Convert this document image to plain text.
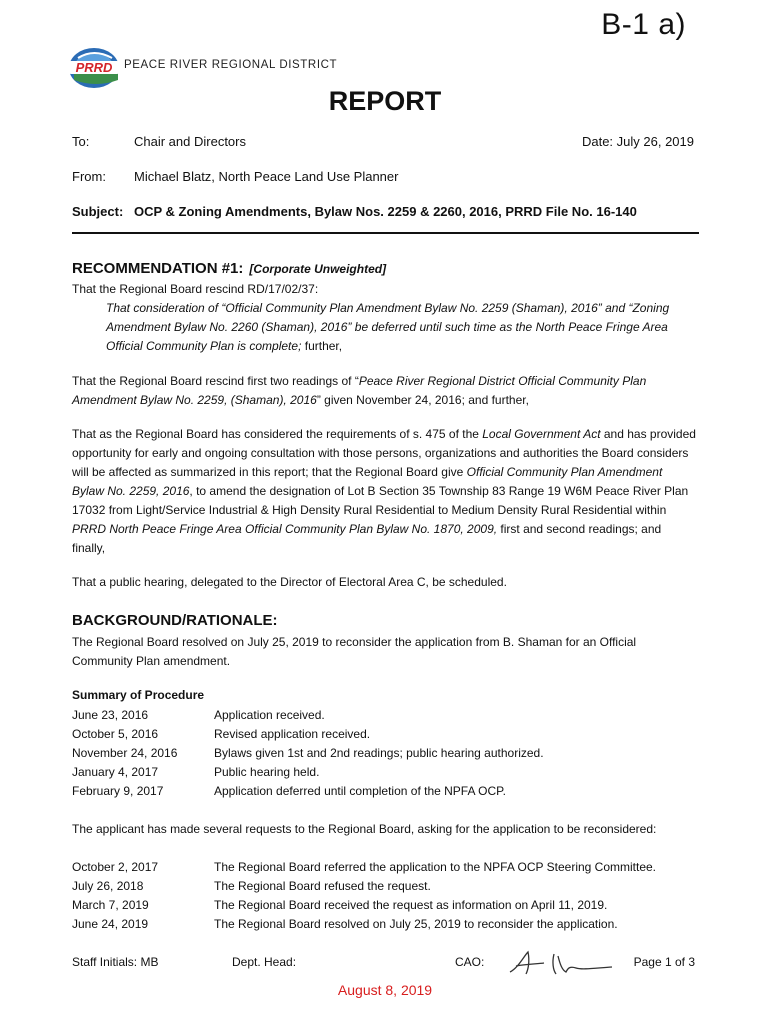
B-1 a)
PRRD PEACE RIVER REGIONAL DISTRICT
REPORT
To:	Chair and Directors	Date: July 26, 2019
From: Michael Blatz, North Peace Land Use Planner
Subject: OCP & Zoning Amendments, Bylaw Nos. 2259 & 2260, 2016, PRRD File No. 16-140
RECOMMENDATION #1: [Corporate Unweighted]
That the Regional Board rescind RD/17/02/37:
That consideration of “Official Community Plan Amendment Bylaw No. 2259 (Shaman), 2016” and “Zoning Amendment Bylaw No. 2260 (Shaman), 2016” be deferred until such time as the North Peace Fringe Area Official Community Plan is complete; further,
That the Regional Board rescind first two readings of “Peace River Regional District Official Community Plan Amendment Bylaw No. 2259, (Shaman), 2016” given November 24, 2016; and further,
That as the Regional Board has considered the requirements of s. 475 of the Local Government Act and has provided opportunity for early and ongoing consultation with those persons, organizations and authorities the Board considers will be affected as summarized in this report; that the Regional Board give Official Community Plan Amendment Bylaw No. 2259, 2016, to amend the designation of Lot B Section 35 Township 83 Range 19 W6M Peace River Plan 17032 from Light/Service Industrial & High Density Rural Residential to Medium Density Rural Residential within PRRD North Peace Fringe Area Official Community Plan Bylaw No. 1870, 2009, first and second readings; and finally,
That a public hearing, delegated to the Director of Electoral Area C, be scheduled.
BACKGROUND/RATIONALE:
The Regional Board resolved on July 25, 2019 to reconsider the application from B. Shaman for an Official Community Plan amendment.
Summary of Procedure
June 23, 2016	Application received.
October 5, 2016	Revised application received.
November 24, 2016	Bylaws given 1st and 2nd readings; public hearing authorized.
January 4, 2017	Public hearing held.
February 9, 2017	Application deferred until completion of the NPFA OCP.
The applicant has made several requests to the Regional Board, asking for the application to be reconsidered:
October 2, 2017	The Regional Board referred the application to the NPFA OCP Steering Committee.
July 26, 2018	The Regional Board refused the request.
March 7, 2019	The Regional Board received the request as information on April 11, 2019.
June 24, 2019	The Regional Board resolved on July 25, 2019 to reconsider the application.
Staff Initials: MB	Dept. Head:	CAO:	Page 1 of 3
August 8, 2019
